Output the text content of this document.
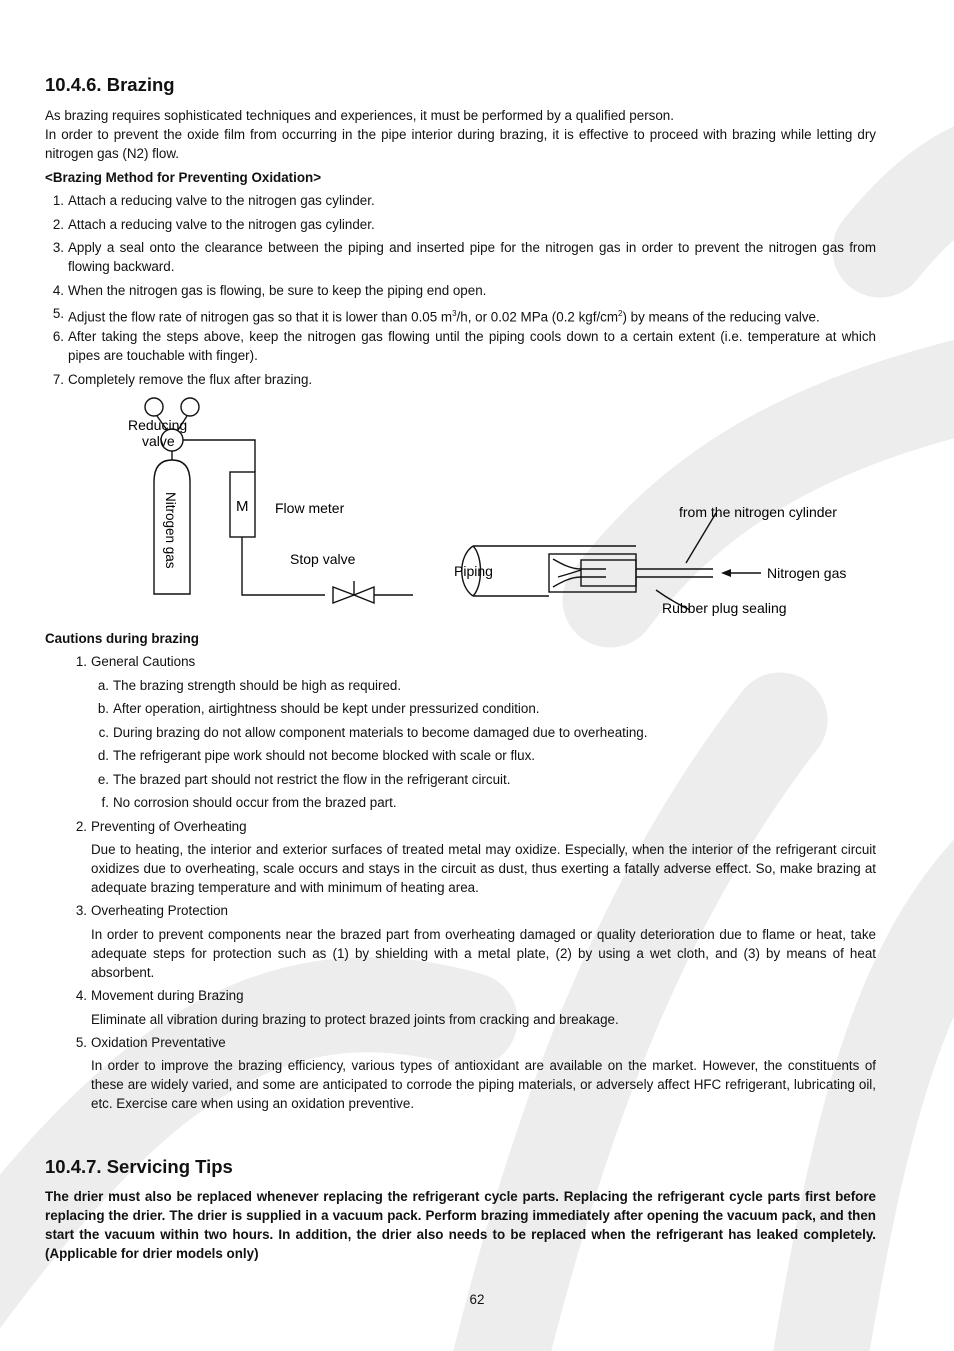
10.4.6. Brazing

As brazing requires sophisticated techniques and experiences, it must be performed by a qualified person.

In order to prevent the oxide film from occurring in the pipe interior during brazing, it is effective to proceed with brazing while letting dry nitrogen gas (N2) flow.

<Brazing Method for Preventing Oxidation>

1. Attach a reducing valve to the nitrogen gas cylinder.
2. Attach a reducing valve to the nitrogen gas cylinder.
3. Apply a seal onto the clearance between the piping and inserted pipe for the nitrogen gas in order to prevent the nitrogen gas from flowing backward.
4. When the nitrogen gas is flowing, be sure to keep the piping end open.
5. Adjust the flow rate of nitrogen gas so that it is lower than 0.05 $m^3/h$, or 0.02 MPa (0.2 kgf/$cm^2$) by means of the reducing valve.
6. After taking the steps above, keep the nitrogen gas flowing until the piping cools down to a certain extent (i.e. temperature at which pipes are touchable with finger).
7. Completely remove the flux after brazing.
Reducing
valve
Nitrogen gas	M Flow meter
Stop valve
Piping
from the nitrogen cylinder
Nitrogen gas
Rubber plug sealing

Cautions during brazing

1. General Cautions
a. The brazing strength should be high as required.
b. After operation, airtightness should be kept under pressurized condition.
c. During brazing do not allow component materials to become damaged due to overheating.
d. The refrigerant pipe work should not become blocked with scale or flux.
e. The brazed part should not restrict the flow in the refrigerant circuit.
f. No corrosion should occur from the brazed part.
2. Preventing of Overheating
Due to heating, the interior and exterior surfaces of treated metal may oxidize. Especially, when the interior of the refrigerant circuit oxidizes due to overheating, scale occurs and stays in the circuit as dust, thus exerting a fatally adverse effect. So, make brazing at adequate brazing temperature and with minimum of heating area.
3. Overheating Protection
In order to prevent components near the brazed part from overheating damaged or quality deterioration due to flame or heat, take adequate steps for protection such as (1) by shielding with a metal plate, (2) by using a wet cloth, and (3) by means of heat absorbent.
4. Movement during Brazing
Eliminate all vibration during brazing to protect brazed joints from cracking and breakage.
5. Oxidation Preventative
In order to improve the brazing efficiency, various types of antioxidant are available on the market. However, the constituents of these are widely varied, and some are anticipated to corrode the piping materials, or adversely affect HFC refrigerant, lubricating oil, etc. Exercise care when using an oxidation preventive.
10.4.7. Servicing Tips

The drier must also be replaced whenever replacing the refrigerant cycle parts. Replacing the refrigerant cycle parts first before replacing the drier. The drier is supplied in a vacuum pack. Perform brazing immediately after opening the vacuum pack, and then start the vacuum within two hours. In addition, the drier also needs to be replaced when the refrigerant has leaked completely. (Applicable for drier models only)

62
